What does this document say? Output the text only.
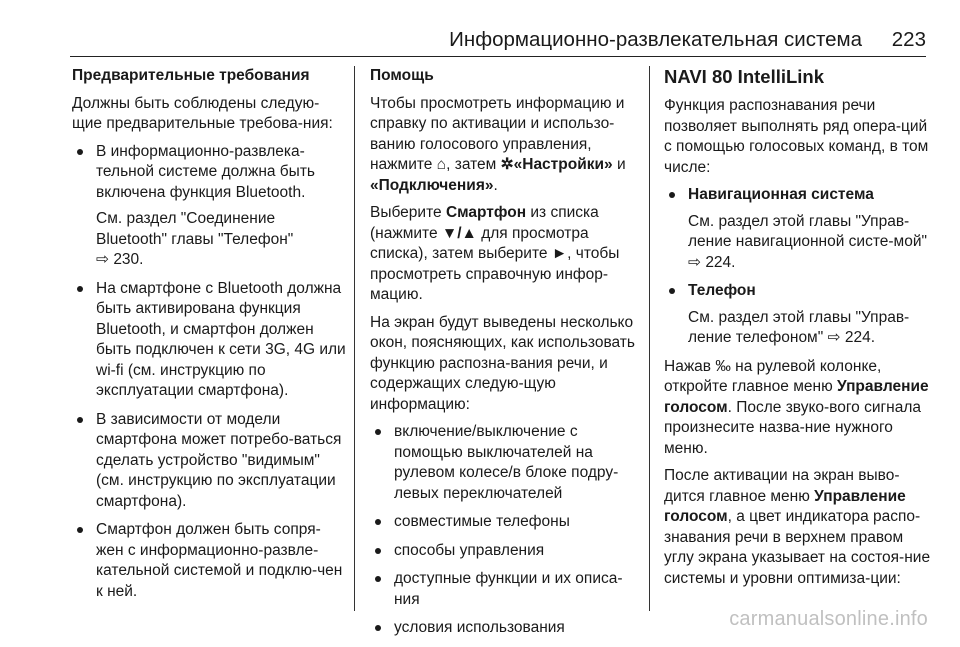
Информационно-развлекательная система 223
Предварительные требования
Должны быть соблюдены следую-щие предварительные требова-ния:
В информационно-развлека-тельной системе должна быть включена функция Bluetooth.
См. раздел "Соединение Bluetooth" главы "Телефон"
⇨ 230.
На смартфоне с Bluetooth должна быть активирована функция Bluetooth, и смартфон должен быть подключен к сети 3G, 4G или wi-fi (см. инструкцию по эксплуатации смартфона).
В зависимости от модели смартфона может потребо-ваться сделать устройство "видимым" (см. инструкцию по эксплуатации смартфона).
Смартфон должен быть сопря-жен с информационно-развле-кательной системой и подклю-чен к ней.
Помощь
Чтобы просмотреть информацию и справку по активации и использо-ванию голосового управления, нажмите ⌂, затем ✲«Настройки» и «Подключения».
Выберите Смартфон из списка (нажмите ▼/▲ для просмотра списка), затем выберите ►, чтобы просмотреть справочную инфор-мацию.
На экран будут выведены несколько окон, поясняющих, как использовать функцию распозна-вания речи, и содержащих следую-щую информацию:
включение/выключение с помощью выключателей на рулевом колесе/в блоке подру-левых переключателей
совместимые телефоны
способы управления
доступные функции и их описа-ния
условия использования
NAVI 80 IntelliLink
Функция распознавания речи позволяет выполнять ряд опера-ций с помощью голосовых команд, в том числе:
Навигационная система
См. раздел этой главы "Управ-ление навигационной систе-мой" ⇨ 224.
Телефон
См. раздел этой главы "Управ-ление телефоном" ⇨ 224.
Нажав ‰ на рулевой колонке, откройте главное меню Управление голосом. После звуко-вого сигнала произнесите назва-ние нужного меню.
После активации на экран выво-дится главное меню Управление голосом, а цвет индикатора распо-знавания речи в верхнем правом углу экрана указывает на состоя-ние системы и уровни оптимиза-ции:
carmanualsonline.info
